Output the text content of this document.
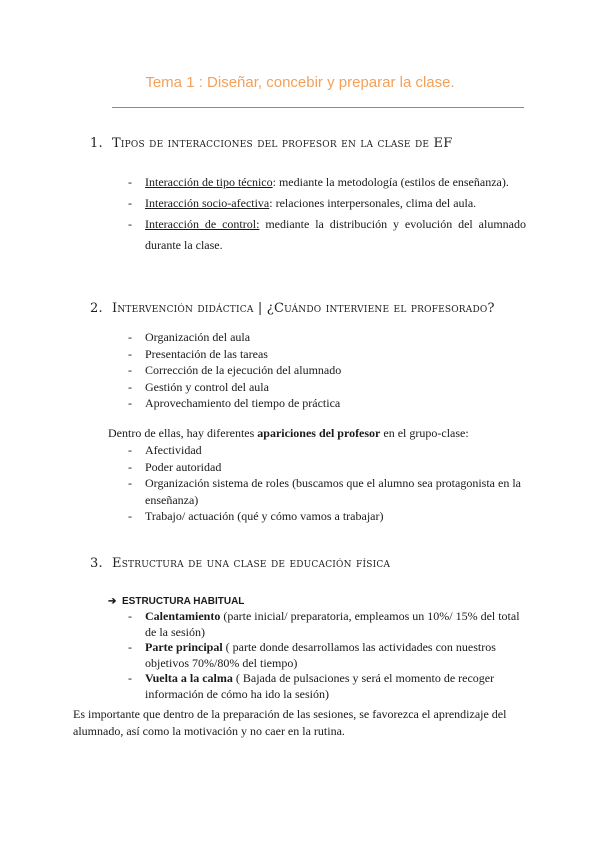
Tema 1 : Diseñar, concebir y preparar la clase.
1. Tipos de interacciones del profesor en la clase de EF
- Interacción de tipo técnico: mediante la metodología (estilos de enseñanza).
- Interacción socio-afectiva: relaciones interpersonales, clima del aula.
- Interacción de control: mediante la distribución y evolución del alumnado durante la clase.
2. Intervención didáctica | ¿Cuándo interviene el profesorado?
- Organización del aula
- Presentación de las tareas
- Corrección de la ejecución del alumnado
- Gestión y control del aula
- Aprovechamiento del tiempo de práctica
Dentro de ellas, hay diferentes apariciones del profesor en el grupo-clase:
- Afectividad
- Poder autoridad
- Organización sistema de roles (buscamos que el alumno sea protagonista en la enseñanza)
- Trabajo/ actuación (qué y cómo vamos a trabajar)
3. Estructura de una clase de educación física
➔ ESTRUCTURA HABITUAL
- Calentamiento (parte inicial/ preparatoria, empleamos un 10%/ 15% del total de la sesión)
- Parte principal ( parte donde desarrollamos las actividades con nuestros objetivos 70%/80% del tiempo)
- Vuelta a la calma ( Bajada de pulsaciones y será el momento de recoger información de cómo ha ido la sesión)
Es importante que dentro de la preparación de las sesiones, se favorezca el aprendizaje del alumnado, así como la motivación y no caer en la rutina.
